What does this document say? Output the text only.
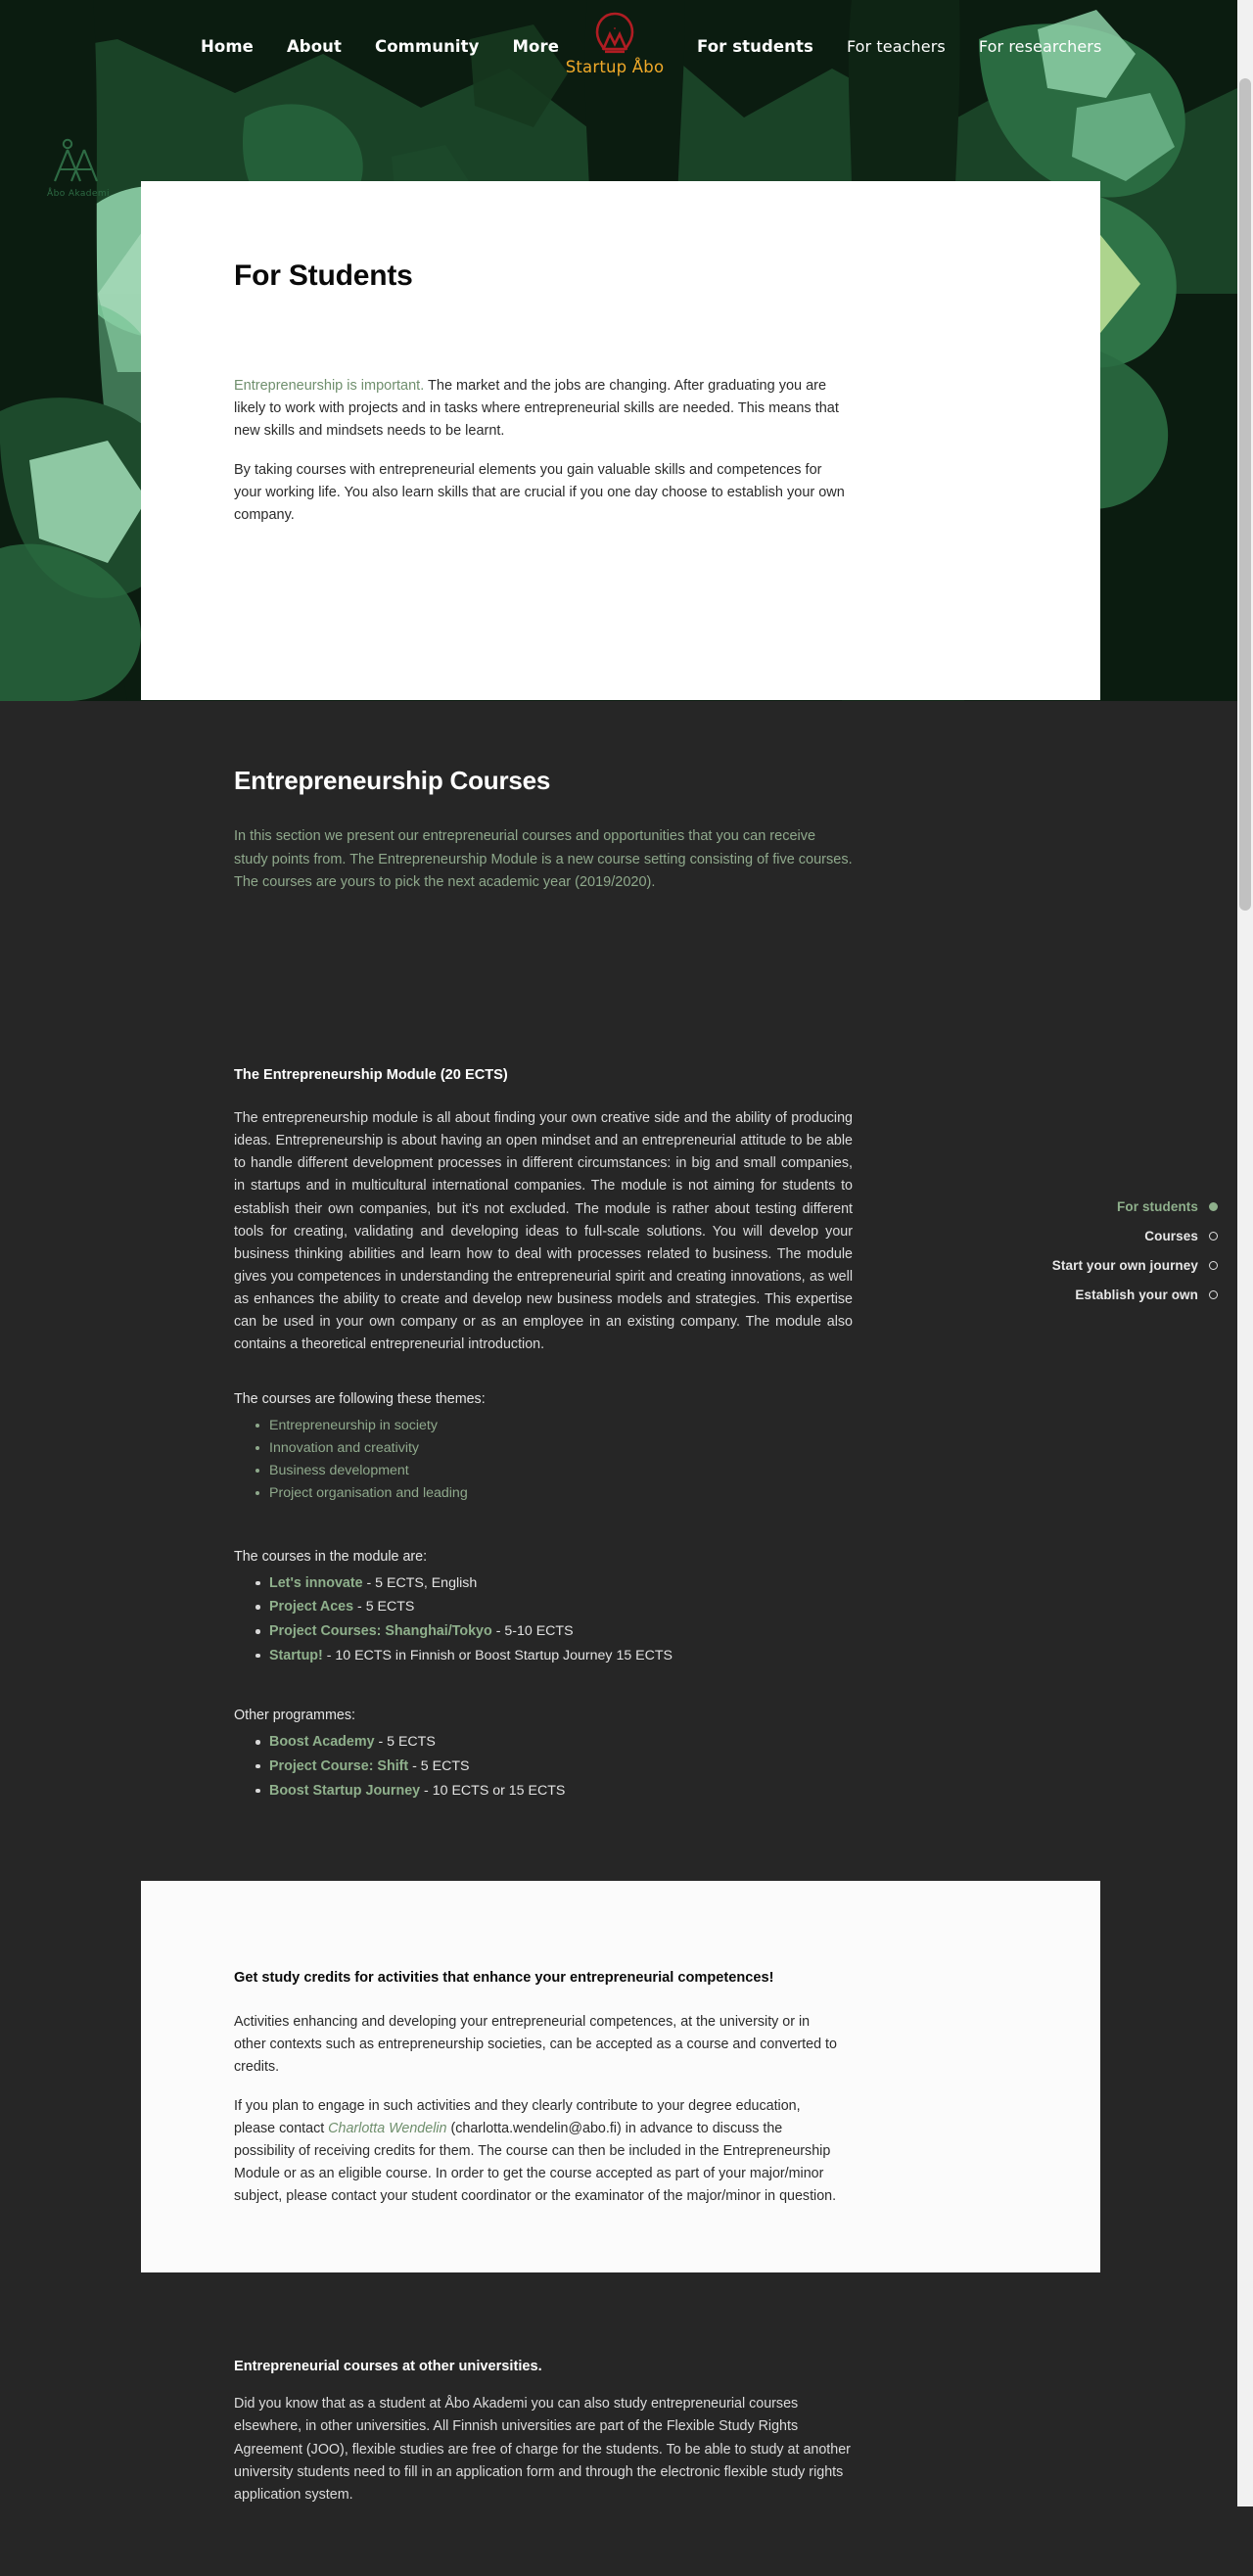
Åbo Akademi
For Students

Entrepreneurship is important. The market and the jobs are changing. After graduating you are likely to work with projects and in tasks where entrepreneurial skills are needed. This means that new skills and mindsets needs to be learnt.

By taking courses with entrepreneurial elements you gain valuable skills and competences for your working life. You also learn skills that are crucial if you one day choose to establish your own company.

Home About Community More	For students For teachers For researchers
Startup Åbo
Entrepreneurship Courses
In this section we present our entrepreneurial courses and opportunities that you can receive study points from. The Entrepreneurship Module is a new course setting consisting of five courses. The courses are yours to pick the next academic year (2019/2020).
The Entrepreneurship Module (20 ECTS)
The entrepreneurship module is all about finding your own creative side and the ability of producing ideas. Entrepreneurship is about having an open mindset and an entrepreneurial attitude to be able to handle different development processes in different circumstances: in big and small companies, in startups and in multicultural international companies. The module is not aiming for students to establish their own companies, but it's not excluded. The module is rather about testing different tools for creating, validating and developing ideas to full-scale solutions. You will develop your business thinking abilities and learn how to deal with processes related to business. The module gives you competences in understanding the entrepreneurial spirit and creating innovations, as well as enhances the ability to create and develop new business models and strategies. This expertise can be used in your own company or as an employee in an existing company. The module also contains a theoretical entrepreneurial introduction.
The courses are following these themes:
Entrepreneurship in society
Innovation and creativity
Business development
Project organisation and leading
The courses in the module are:
Let's innovate - 5 ECTS, English
Project Aces - 5 ECTS
Project Courses: Shanghai/Tokyo - 5-10 ECTS
Startup! - 10 ECTS in Finnish or Boost Startup Journey 15 ECTS
Other programmes:
Boost Academy - 5 ECTS
Project Course: Shift - 5 ECTS
Boost Startup Journey - 10 ECTS or 15 ECTS
Get study credits for activities that enhance your entrepreneurial competences!

Activities enhancing and developing your entrepreneurial competences, at the university or in other contexts such as entrepreneurship societies, can be accepted as a course and converted to credits.

If you plan to engage in such activities and they clearly contribute to your degree education, please contact Charlotta Wendelin (charlotta.wendelin@abo.fi) in advance to discuss the possibility of receiving credits for them. The course can then be included in the Entrepreneurship Module or as an eligible course. In order to get the course accepted as part of your major/minor subject, please contact your student coordinator or the examinator of the major/minor in question.

Entrepreneurial courses at other universities.
Did you know that as a student at Åbo Akademi you can also study entrepreneurial courses elsewhere, in other universities. All Finnish universities are part of the Flexible Study Rights Agreement (JOO), flexible studies are free of charge for the students. To be able to study at another university students need to fill in an application form and through the electronic flexible study rights application system.
For students
Courses
Start your own journey
Establish your own
